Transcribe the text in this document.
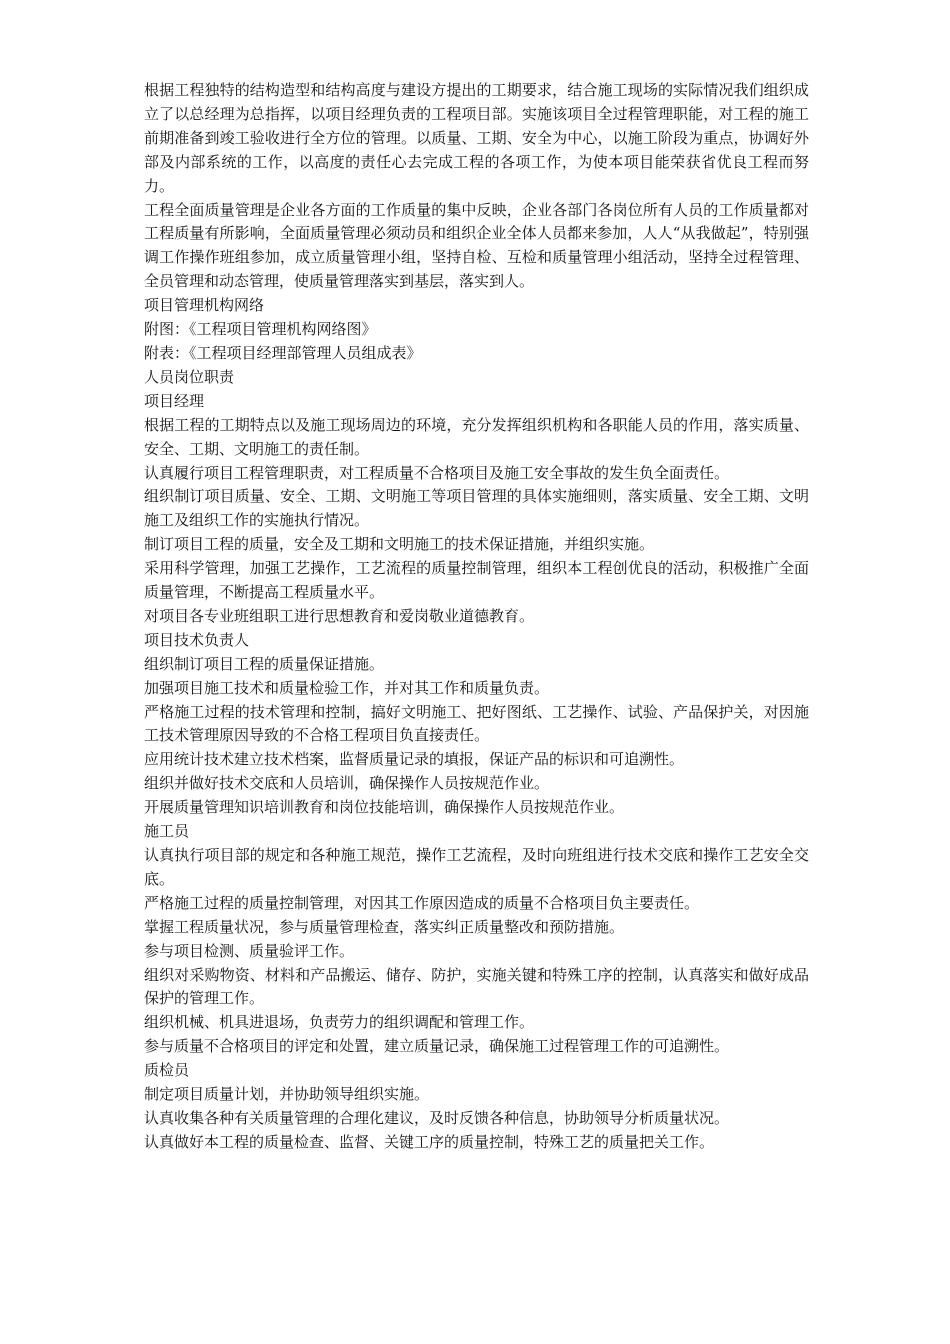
根据工程独特的结构造型和结构高度与建设方提出的工期要求，结合施工现场的实际情况我们组织成立了以总经理为总指挥，以项目经理负责的工程项目部。实施该项目全过程管理职能，对工程的施工前期准备到竣工验收进行全方位的管理。以质量、工期、安全为中心，以施工阶段为重点，协调好外部及内部系统的工作，以高度的责任心去完成工程的各项工作，为使本项目能荣获省优良工程而努力。

工程全面质量管理是企业各方面的工作质量的集中反映，企业各部门各岗位所有人员的工作质量都对工程质量有所影响，全面质量管理必须动员和组织企业全体人员都来参加，人人“从我做起”，特别强调工作操作班组参加，成立质量管理小组，坚持自检、互检和质量管理小组活动，坚持全过程管理、全员管理和动态管理，使质量管理落实到基层，落实到人。

项目管理机构网络

附图：《工程项目管理机构网络图》

附表：《工程项目经理部管理人员组成表》

人员岗位职责

项目经理

根据工程的工期特点以及施工现场周边的环境，充分发挥组织机构和各职能人员的作用，落实质量、安全、工期、文明施工的责任制。

认真履行项目工程管理职责，对工程质量不合格项目及施工安全事故的发生负全面责任。

组织制订项目质量、安全、工期、文明施工等项目管理的具体实施细则，落实质量、安全工期、文明施工及组织工作的实施执行情况。

制订项目工程的质量，安全及工期和文明施工的技术保证措施，并组织实施。

采用科学管理，加强工艺操作，工艺流程的质量控制管理，组织本工程创优良的活动，积极推广全面质量管理，不断提高工程质量水平。

对项目各专业班组职工进行思想教育和爱岗敬业道德教育。

项目技术负责人

组织制订项目工程的质量保证措施。

加强项目施工技术和质量检验工作，并对其工作和质量负责。

严格施工过程的技术管理和控制，搞好文明施工、把好图纸、工艺操作、试验、产品保护关，对因施工技术管理原因导致的不合格工程项目负直接责任。

应用统计技术建立技术档案，监督质量记录的填报，保证产品的标识和可追溯性。

组织并做好技术交底和人员培训，确保操作人员按规范作业。

开展质量管理知识培训教育和岗位技能培训，确保操作人员按规范作业。

施工员

认真执行项目部的规定和各种施工规范，操作工艺流程，及时向班组进行技术交底和操作工艺安全交底。

严格施工过程的质量控制管理，对因其工作原因造成的质量不合格项目负主要责任。

掌握工程质量状况，参与质量管理检查，落实纠正质量整改和预防措施。

参与项目检测、质量验评工作。

组织对采购物资、材料和产品搬运、储存、防护，实施关键和特殊工序的控制，认真落实和做好成品保护的管理工作。

组织机械、机具进退场，负责劳力的组织调配和管理工作。

参与质量不合格项目的评定和处置，建立质量记录，确保施工过程管理工作的可追溯性。

质检员

制定项目质量计划，并协助领导组织实施。

认真收集各种有关质量管理的合理化建议，及时反馈各种信息，协助领导分析质量状况。

认真做好本工程的质量检查、监督、关键工序的质量控制，特殊工艺的质量把关工作。
